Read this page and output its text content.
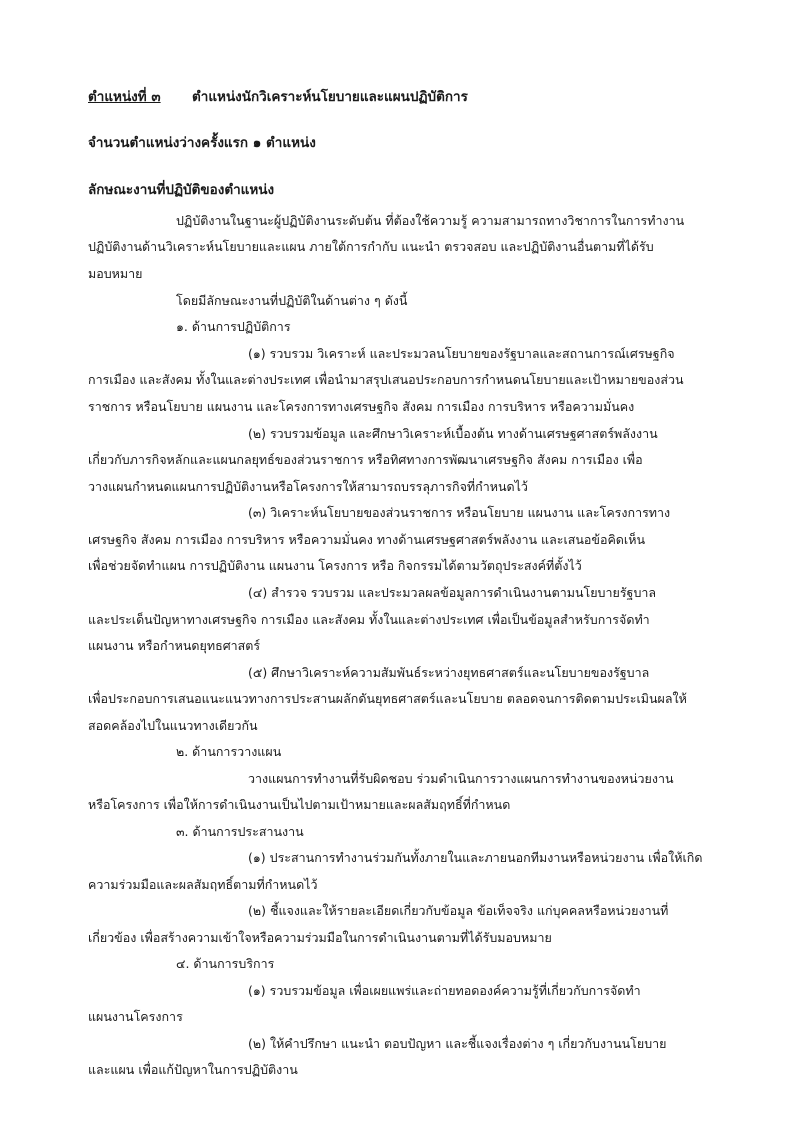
ตำแหน่งที่ ๓ ตำแหน่งนักวิเคราะห์นโยบายและแผนปฏิบัติการ
จำนวนตำแหน่งว่างครั้งแรก ๑ ตำแหน่ง
ลักษณะงานที่ปฏิบัติของตำแหน่ง
ปฏิบัติงานในฐานะผู้ปฏิบัติงานระดับต้น ที่ต้องใช้ความรู้ ความสามารถทางวิชาการในการทำงาน
ปฏิบัติงานด้านวิเคราะห์นโยบายและแผน ภายใต้การกำกับ แนะนำ ตรวจสอบ และปฏิบัติงานอื่นตามที่ได้รับ
มอบหมาย
โดยมีลักษณะงานที่ปฏิบัติในด้านต่าง ๆ ดังนี้
๑. ด้านการปฏิบัติการ
(๑) รวบรวม วิเคราะห์ และประมวลนโยบายของรัฐบาลและสถานการณ์เศรษฐกิจ
การเมือง และสังคม ทั้งในและต่างประเทศ เพื่อนำมาสรุปเสนอประกอบการกำหนดนโยบายและเป้าหมายของส่วน
ราชการ หรือนโยบาย แผนงาน และโครงการทางเศรษฐกิจ สังคม การเมือง การบริหาร หรือความมั่นคง
(๒) รวบรวมข้อมูล และศึกษาวิเคราะห์เบื้องต้น ทางด้านเศรษฐศาสตร์พลังงาน
เกี่ยวกับภารกิจหลักและแผนกลยุทธ์ของส่วนราชการ หรือทิศทางการพัฒนาเศรษฐกิจ สังคม การเมือง เพื่อ
วางแผนกำหนดแผนการปฏิบัติงานหรือโครงการให้สามารถบรรลุภารกิจที่กำหนดไว้
(๓) วิเคราะห์นโยบายของส่วนราชการ หรือนโยบาย แผนงาน และโครงการทาง
เศรษฐกิจ สังคม การเมือง การบริหาร หรือความมั่นคง ทางด้านเศรษฐศาสตร์พลังงาน และเสนอข้อคิดเห็น
เพื่อช่วยจัดทำแผน การปฏิบัติงาน แผนงาน โครงการ หรือ กิจกรรมได้ตามวัตถุประสงค์ที่ตั้งไว้
(๔) สำรวจ รวบรวม และประมวลผลข้อมูลการดำเนินงานตามนโยบายรัฐบาล
และประเด็นปัญหาทางเศรษฐกิจ การเมือง และสังคม ทั้งในและต่างประเทศ เพื่อเป็นข้อมูลสำหรับการจัดทำ
แผนงาน หรือกำหนดยุทธศาสตร์
(๕) ศึกษาวิเคราะห์ความสัมพันธ์ระหว่างยุทธศาสตร์และนโยบายของรัฐบาล
เพื่อประกอบการเสนอแนะแนวทางการประสานผลักดันยุทธศาสตร์และนโยบาย ตลอดจนการติดตามประเมินผลให้
สอดคล้องไปในแนวทางเดียวกัน
๒. ด้านการวางแผน
วางแผนการทำงานที่รับผิดชอบ ร่วมดำเนินการวางแผนการทำงานของหน่วยงาน
หรือโครงการ เพื่อให้การดำเนินงานเป็นไปตามเป้าหมายและผลสัมฤทธิ์ที่กำหนด
๓. ด้านการประสานงาน
(๑) ประสานการทำงานร่วมกันทั้งภายในและภายนอกทีมงานหรือหน่วยงาน เพื่อให้เกิด
ความร่วมมือและผลสัมฤทธิ์ตามที่กำหนดไว้
(๒) ชี้แจงและให้รายละเอียดเกี่ยวกับข้อมูล ข้อเท็จจริง แก่บุคคลหรือหน่วยงานที่
เกี่ยวข้อง เพื่อสร้างความเข้าใจหรือความร่วมมือในการดำเนินงานตามที่ได้รับมอบหมาย
๔. ด้านการบริการ
(๑) รวบรวมข้อมูล เพื่อเผยแพร่และถ่ายทอดองค์ความรู้ที่เกี่ยวกับการจัดทำ
แผนงานโครงการ
(๒) ให้คำปรึกษา แนะนำ ตอบปัญหา และชี้แจงเรื่องต่าง ๆ เกี่ยวกับงานนโยบาย
และแผน เพื่อแก้ปัญหาในการปฏิบัติงาน
